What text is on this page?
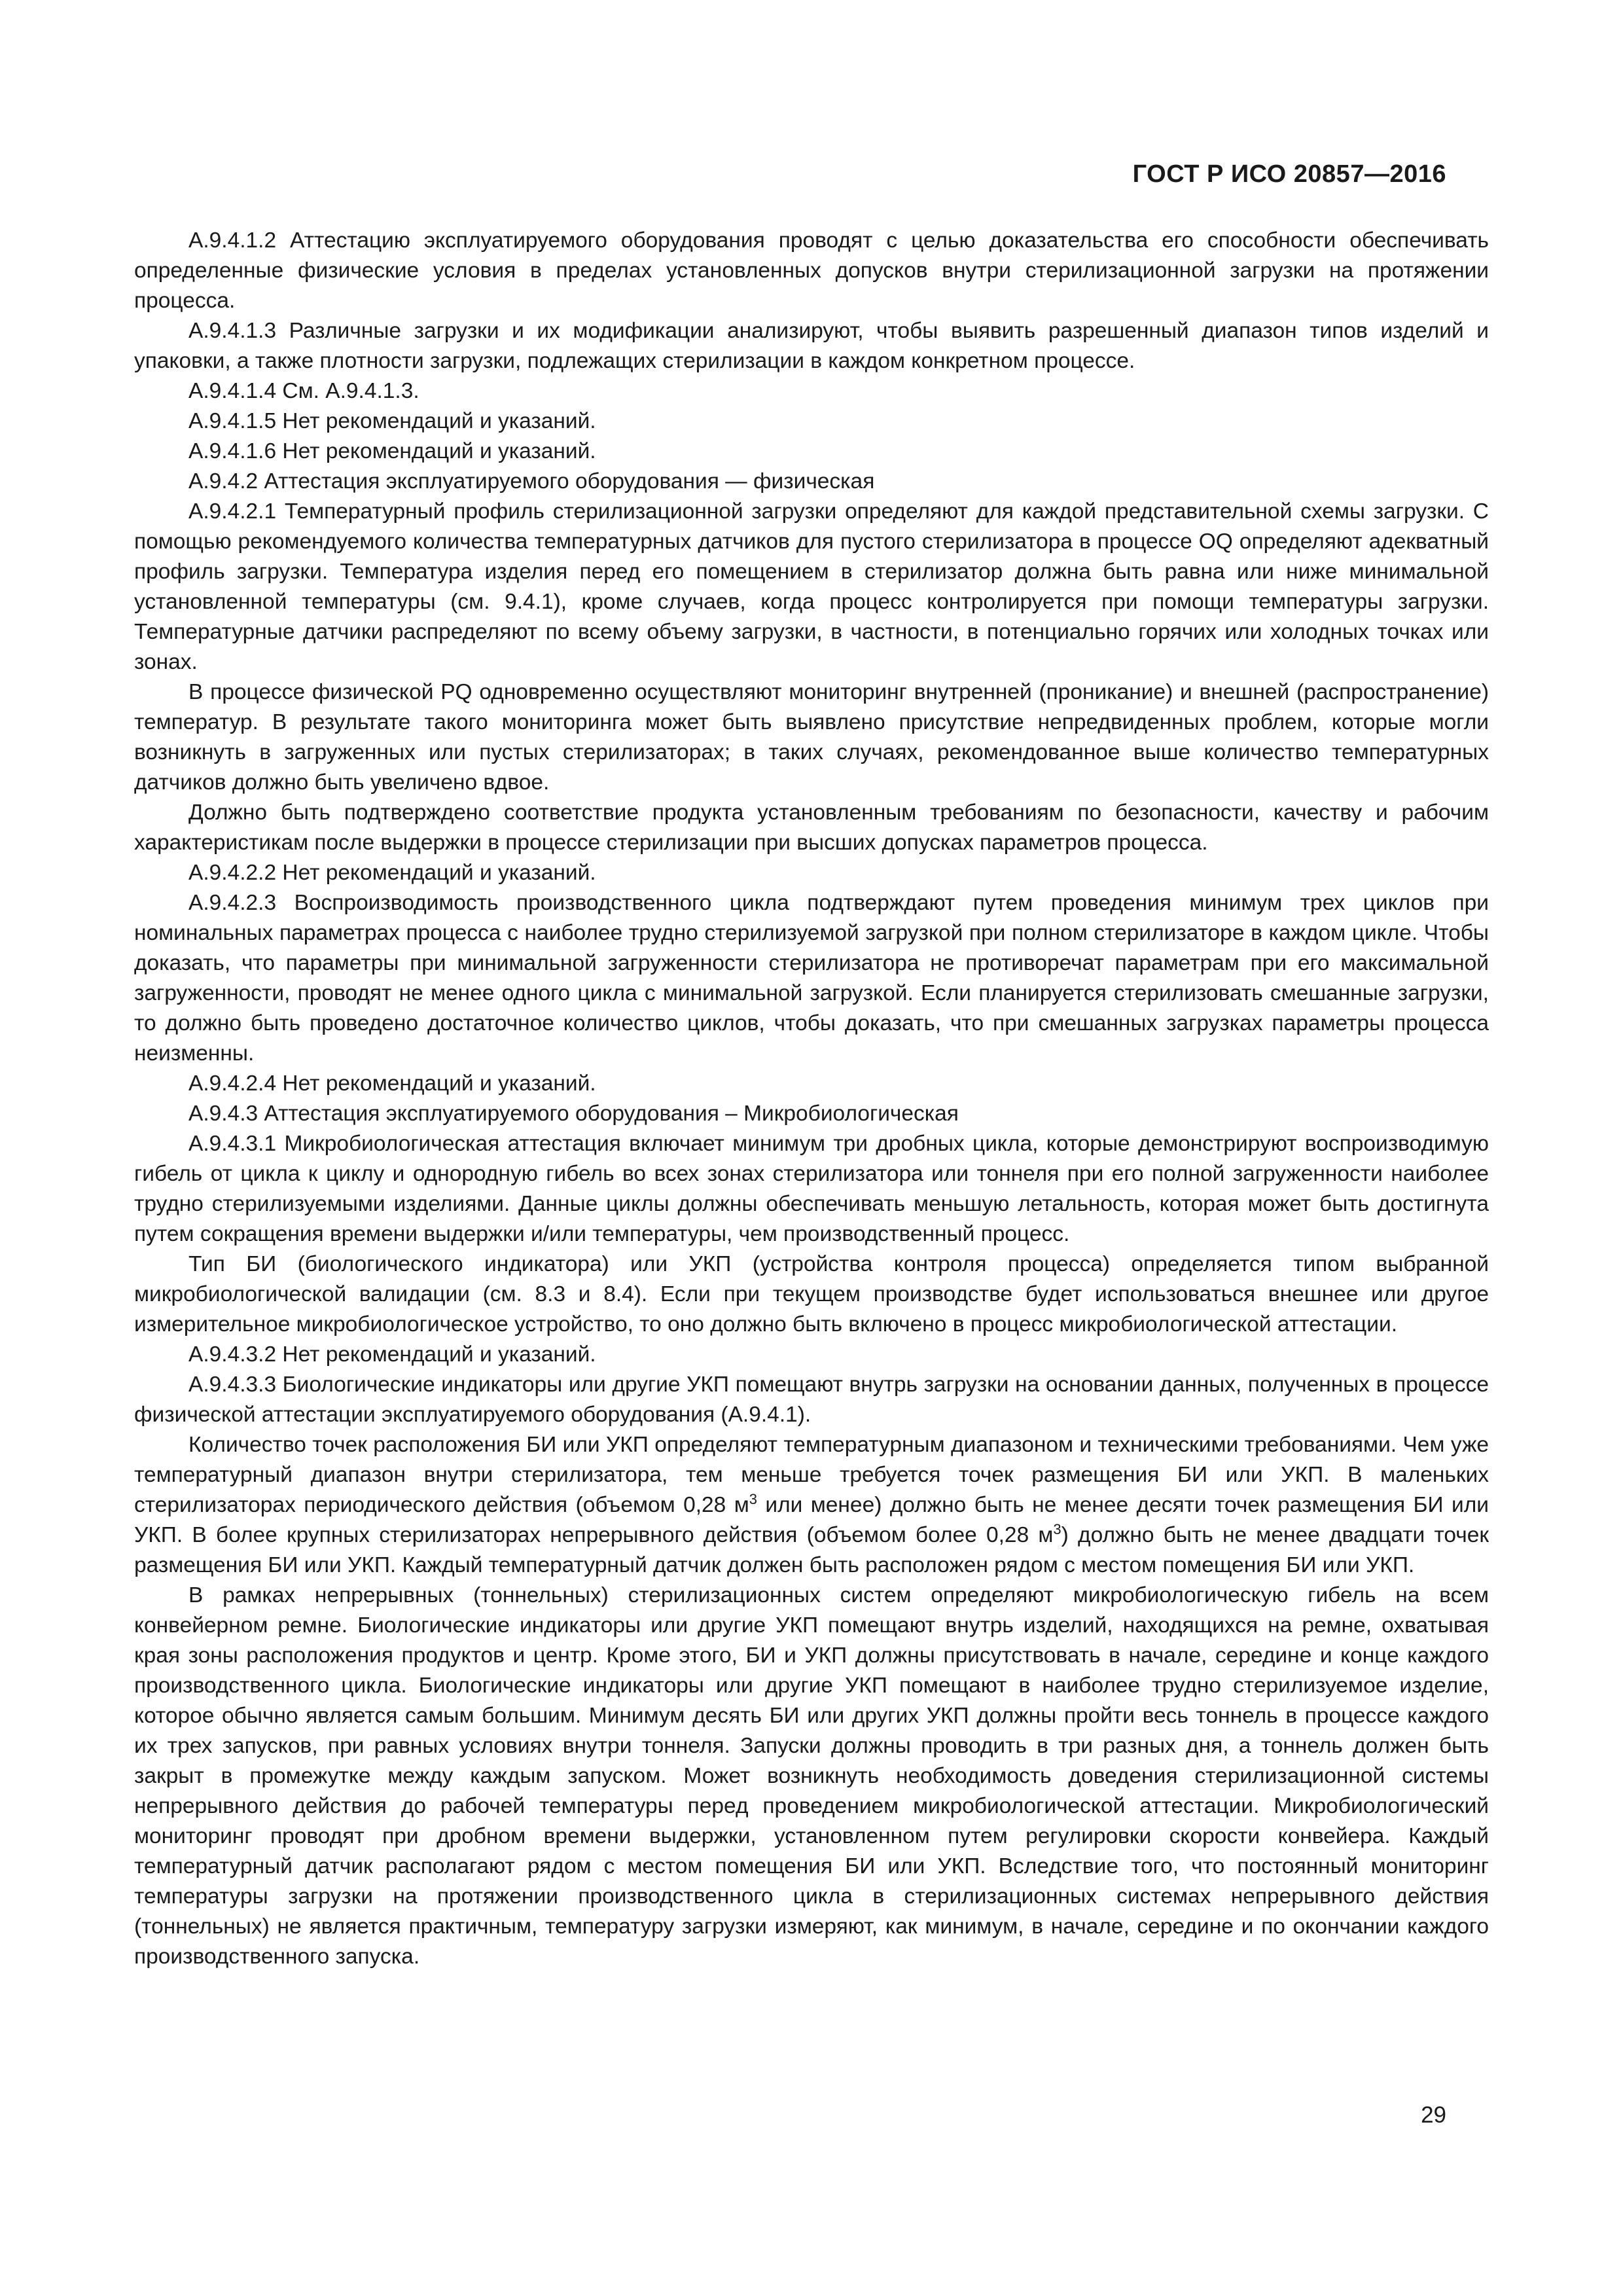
ГОСТ Р ИСО 20857—2016

А.9.4.1.2 Аттестацию эксплуатируемого оборудования проводят с целью доказательства его способности обеспечивать определенные физические условия в пределах установленных допусков внутри стерилизационной загрузки на протяжении процесса.

А.9.4.1.3 Различные загрузки и их модификации анализируют, чтобы выявить разрешенный диапазон типов изделий и упаковки, а также плотности загрузки, подлежащих стерилизации в каждом конкретном процессе.

А.9.4.1.4 См. А.9.4.1.3.

А.9.4.1.5 Нет рекомендаций и указаний.

А.9.4.1.6 Нет рекомендаций и указаний.

А.9.4.2 Аттестация эксплуатируемого оборудования — физическая

А.9.4.2.1 Температурный профиль стерилизационной загрузки определяют для каждой представительной схемы загрузки. С помощью рекомендуемого количества температурных датчиков для пустого стерилизатора в процессе OQ определяют адекватный профиль загрузки. Температура изделия перед его помещением в стерилизатор должна быть равна или ниже минимальной установленной температуры (см. 9.4.1), кроме случаев, когда процесс контролируется при помощи температуры загрузки. Температурные датчики распределяют по всему объему загрузки, в частности, в потенциально горячих или холодных точках или зонах.

В процессе физической PQ одновременно осуществляют мониторинг внутренней (проникание) и внешней (распространение) температур. В результате такого мониторинга может быть выявлено присутствие непредвиденных проблем, которые могли возникнуть в загруженных или пустых стерилизаторах; в таких случаях, рекомендованное выше количество температурных датчиков должно быть увеличено вдвое.

Должно быть подтверждено соответствие продукта установленным требованиям по безопасности, качеству и рабочим характеристикам после выдержки в процессе стерилизации при высших допусках параметров процесса.

А.9.4.2.2 Нет рекомендаций и указаний.

А.9.4.2.3 Воспроизводимость производственного цикла подтверждают путем проведения минимум трех циклов при номинальных параметрах процесса с наиболее трудно стерилизуемой загрузкой при полном стерилизаторе в каждом цикле. Чтобы доказать, что параметры при минимальной загруженности стерилизатора не противоречат параметрам при его максимальной загруженности, проводят не менее одного цикла с минимальной загрузкой. Если планируется стерилизовать смешанные загрузки, то должно быть проведено достаточное количество циклов, чтобы доказать, что при смешанных загрузках параметры процесса неизменны.

А.9.4.2.4 Нет рекомендаций и указаний.

А.9.4.3 Аттестация эксплуатируемого оборудования – Микробиологическая

А.9.4.3.1 Микробиологическая аттестация включает минимум три дробных цикла, которые демонстрируют воспроизводимую гибель от цикла к циклу и однородную гибель во всех зонах стерилизатора или тоннеля при его полной загруженности наиболее трудно стерилизуемыми изделиями. Данные циклы должны обеспечивать меньшую летальность, которая может быть достигнута путем сокращения времени выдержки и/или температуры, чем производственный процесс.

Тип БИ (биологического индикатора) или УКП (устройства контроля процесса) определяется типом выбранной микробиологической валидации (см. 8.3 и 8.4). Если при текущем производстве будет использоваться внешнее или другое измерительное микробиологическое устройство, то оно должно быть включено в процесс микробиологической аттестации.

А.9.4.3.2 Нет рекомендаций и указаний.

А.9.4.3.3 Биологические индикаторы или другие УКП помещают внутрь загрузки на основании данных, полученных в процессе физической аттестации эксплуатируемого оборудования (А.9.4.1).

Количество точек расположения БИ или УКП определяют температурным диапазоном и техническими требованиями. Чем уже температурный диапазон внутри стерилизатора, тем меньше требуется точек размещения БИ или УКП. В маленьких стерилизаторах периодического действия (объемом 0,28 $м^3$ или менее) должно быть не менее десяти точек размещения БИ или УКП. В более крупных стерилизаторах непрерывного действия (объемом более 0,28 $м^3$) должно быть не менее двадцати точек размещения БИ или УКП. Каждый температурный датчик должен быть расположен рядом с местом помещения БИ или УКП.

В рамках непрерывных (тоннельных) стерилизационных систем определяют микробиологическую гибель на всем конвейерном ремне. Биологические индикаторы или другие УКП помещают внутрь изделий, находящихся на ремне, охватывая края зоны расположения продуктов и центр. Кроме этого, БИ и УКП должны присутствовать в начале, середине и конце каждого производственного цикла. Биологические индикаторы или другие УКП помещают в наиболее трудно стерилизуемое изделие, которое обычно является самым большим. Минимум десять БИ или других УКП должны пройти весь тоннель в процессе каждого их трех запусков, при равных условиях внутри тоннеля. Запуски должны проводить в три разных дня, а тоннель должен быть закрыт в промежутке между каждым запуском. Может возникнуть необходимость доведения стерилизационной системы непрерывного действия до рабочей температуры перед проведением микробиологической аттестации. Микробиологический мониторинг проводят при дробном времени выдержки, установленном путем регулировки скорости конвейера. Каждый температурный датчик располагают рядом с местом помещения БИ или УКП. Вследствие того, что постоянный мониторинг температуры загрузки на протяжении производственного цикла в стерилизационных системах непрерывного действия (тоннельных) не является практичным, температуру загрузки измеряют, как минимум, в начале, середине и по окончании каждого производственного запуска.

29
